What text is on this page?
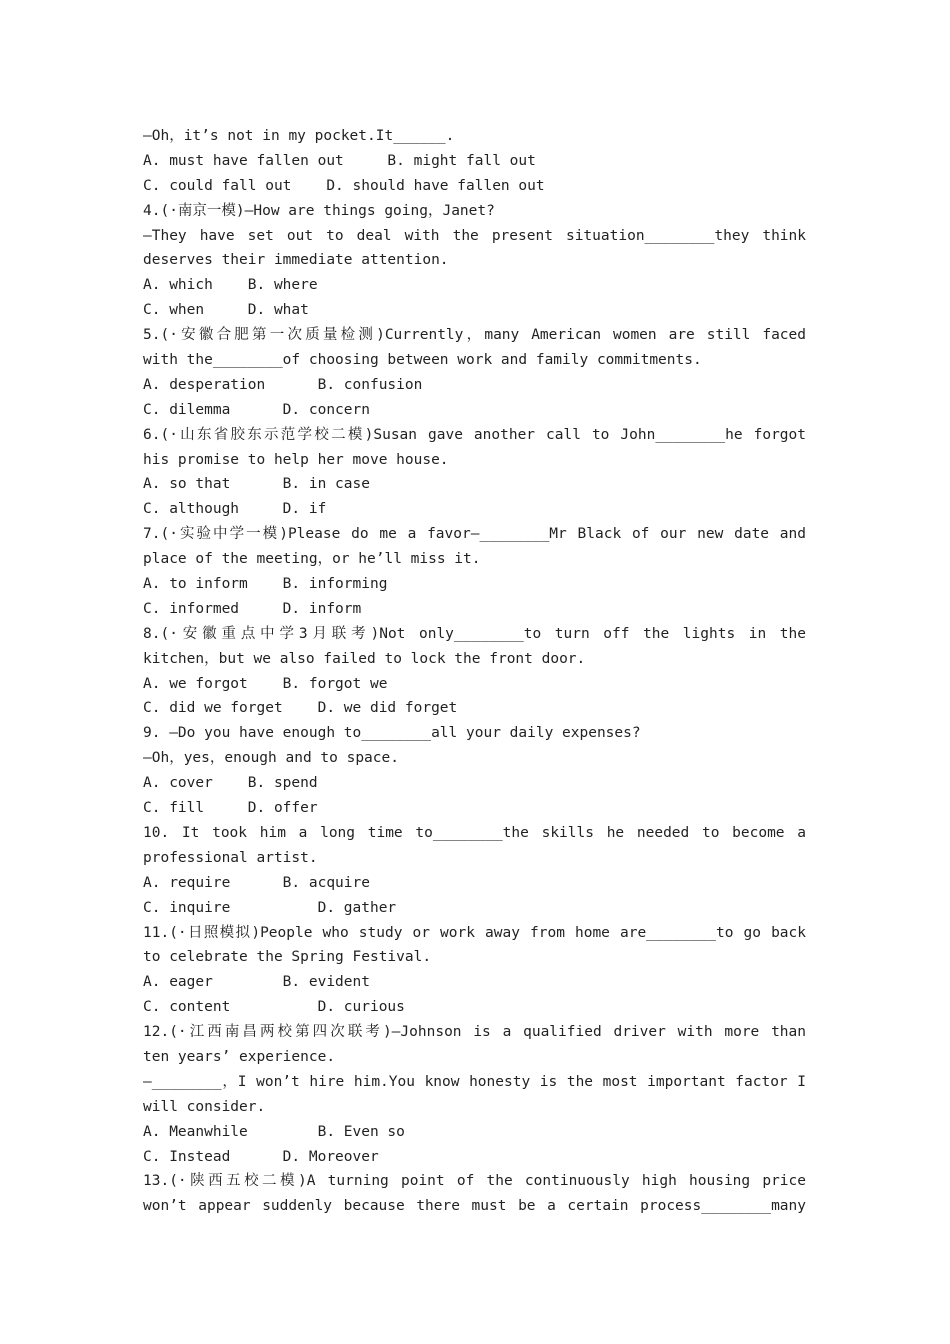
—Oh，it’s not in my pocket.It______.
A. must have fallen out     B. might fall out
C. could fall out    D. should have fallen out
4.(·南京一模)—How are things going，Janet?
—They have set out to deal with the present situation________they think
deserves their immediate attention.
A. which    B. where
C. when     D. what
5.(·安徽合肥第一次质量检测)Currently，many American women are still faced
with the________of choosing between work and family commitments.
A. desperation      B. confusion
C. dilemma      D. concern
6.(·山东省胶东示范学校二模)Susan gave another call to John________he forgot
his promise to help her move house.
A. so that      B. in case
C. although     D. if
7.(·实验中学一模)Please do me a favor—________Mr Black of our new date and
place of the meeting，or he’ll miss it.
A. to inform    B. informing
C. informed     D. inform
8.(·安徽重点中学3月联考)Not only________to turn off the lights in the
kitchen，but we also failed to lock the front door.
A. we forgot    B. forgot we
C. did we forget    D. we did forget
9. —Do you have enough to________all your daily expenses?
—Oh，yes，enough and to space.
A. cover    B. spend
C. fill     D. offer
10. It took him a long time to________the skills he needed to become a
professional artist.
A. require      B. acquire
C. inquire          D. gather
11.(·日照模拟)People who study or work away from home are________to go back
to celebrate the Spring Festival.
A. eager        B. evident
C. content          D. curious
12.(·江西南昌两校第四次联考)—Johnson is a qualified driver with more than
ten years’ experience.
—________，I won’t hire him.You know honesty is the most important factor I
will consider.
A. Meanwhile        B. Even so
C. Instead      D. Moreover
13.(·陕西五校二模)A turning point of the continuously high housing price
won’t appear suddenly because there must be a certain process________many
